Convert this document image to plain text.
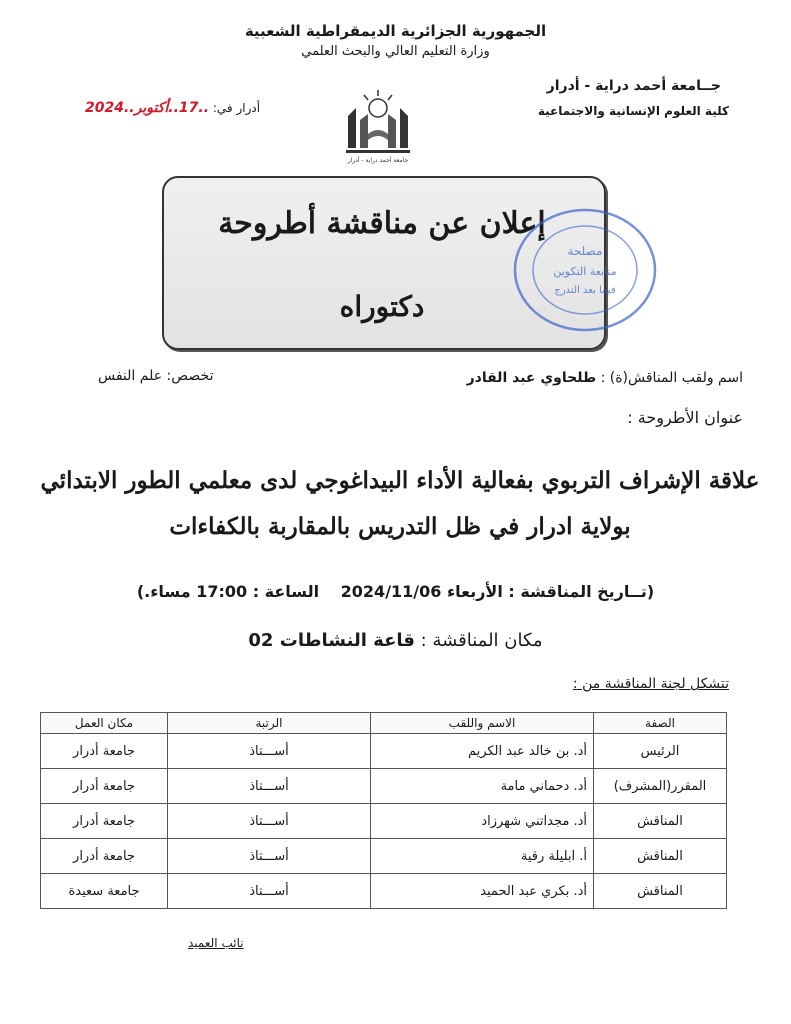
الجمهورية الجزائرية الديمقراطية الشعبية
وزارة التعليم العالي والبحث العلمي
جــامعة أحمد دراية - أدرار
كلية العلوم الإنسانية والاجتماعية
أدرار في: ..17..أكتوبر..2024
جامعة أحمد دراية - أدرار
إعلان عن مناقشة أطروحة
دكتوراه
مصلحة
متابعة التكوين
فيما بعد التدرج
اسم ولقب المناقش(ة) : طلحاوي عبد القادر
تخصص: علم النفس
عنوان الأطروحة :
علاقة الإشراف التربوي بفعالية الأداء البيداغوجي لدى معلمي الطور الابتدائي بولاية ادرار في ظل التدريس بالمقاربة بالكفاءات
(تــاريخ المناقشة : الأربعاء 2024/11/06 الساعة : 17:00 مساء.)
مكان المناقشة : قاعة النشاطات 02
تتشكل لجنة المناقشة من :
الصفة	الاسم واللقب	الرتبة	مكان العمل
الرئيس	أد. بن خالد عبد الكريم	أســـتاذ	جامعة أدرار
المقرر(المشرف)	أد. دحماني مامة	أســـتاذ	جامعة أدرار
المناقش	أد. مجداتني شهرزاد	أســـتاذ	جامعة أدرار
المناقش	أ. ابليلة رقية	أســـتاذ	جامعة أدرار
المناقش	أد. بكري عبد الحميد	أســـتاذ	جامعة سعيدة
نائب العميد
